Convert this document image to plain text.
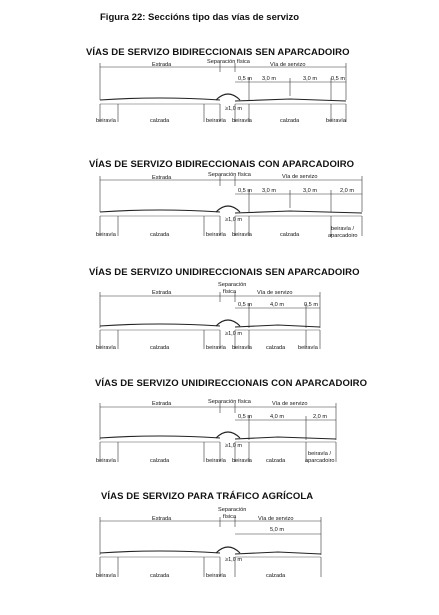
Figura 22: Seccións tipo das vías de servizo
VÍAS DE SERVIZO BIDIRECCIONAIS SEN APARCADOIRO
Estrada	Separación física	Vía de servizo
0,5 m 3,0 m	3,0 m	0,5 m
≥1,0 m
beiravía	calzada	beiravía beiravía	calzada	beiravía
VÍAS DE SERVIZO BIDIRECCIONAIS CON APARCADOIRO
Estrada	Separación física	Vía de servizo
0,5 m 3,0 m	3,0 m	2,0 m
≥1,0 m
beiravía	calzada	beiravía beiravía	calzada
beiravía /
aparcadoiro
VÍAS DE SERVIZO UNIDIRECCIONAIS SEN APARCADOIRO
Estrada
Separación
física	Vía de servizo
0,5 m	4,0 m	0,5 m
≥1,0 m
beiravía	calzada	beiravía beiravía	calzada beiravía
VÍAS DE SERVIZO UNIDIRECCIONAIS CON APARCADOIRO
Estrada	Separación física	Vía de servizo
0,5 m	4,0 m	2,0 m
≥1,0 m
beiravía	calzada	beiravía beiravía	calzada
beiravía /
aparcadoiro
VÍAS DE SERVIZO PARA TRÁFICO AGRÍCOLA
Estrada
Separación
física	Vía de servizo
5,0 m
≥1,0 m
beiravía	calzada	beiravía	calzada
